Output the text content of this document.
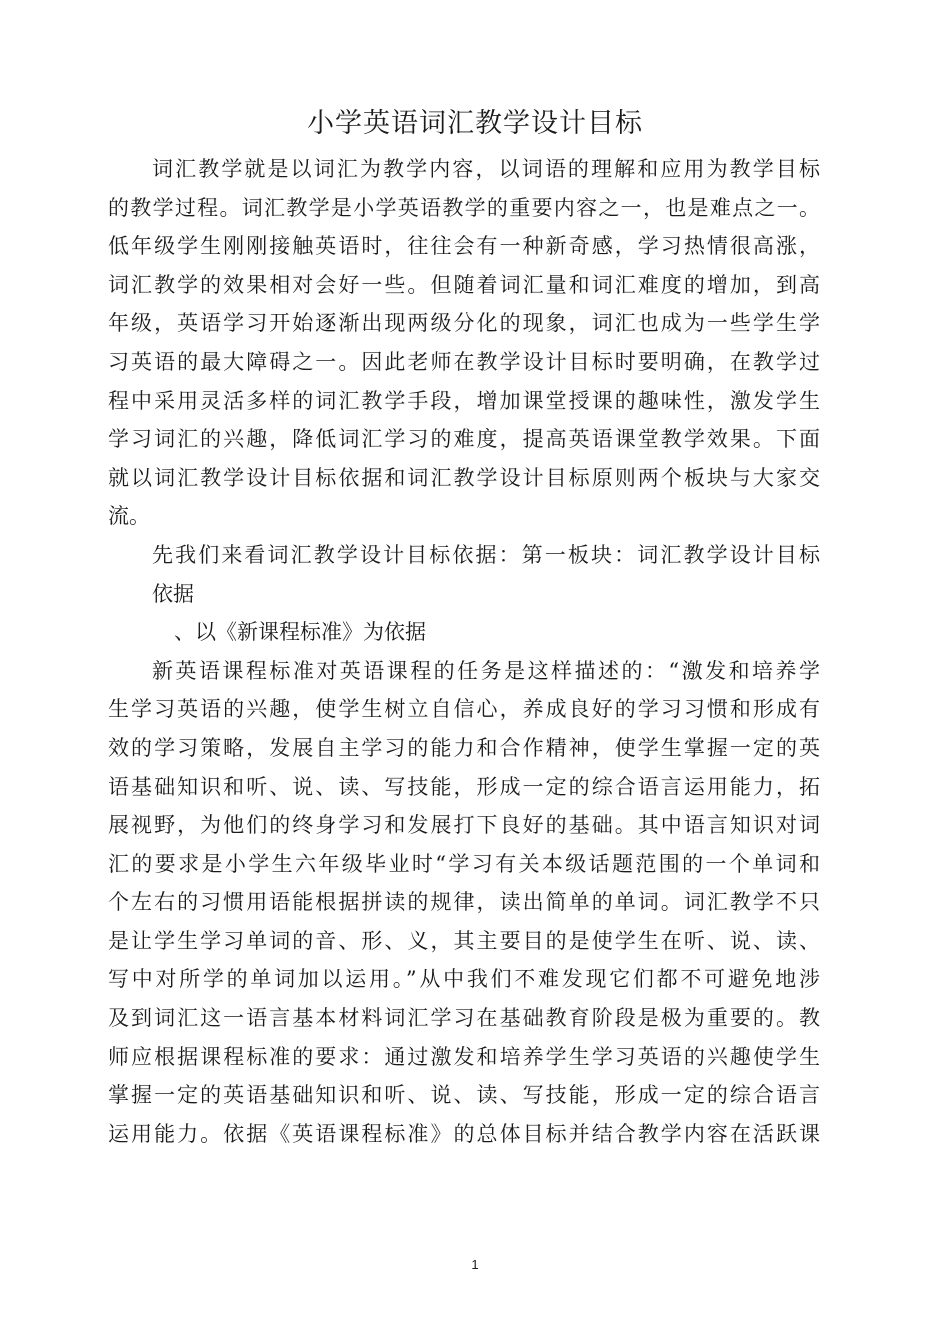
小学英语词汇教学设计目标
词汇教学就是以词汇为教学内容，以词语的理解和应用为教学目标
的教学过程。词汇教学是小学英语教学的重要内容之一，也是难点之一。
低年级学生刚刚接触英语时，往往会有一种新奇感，学习热情很高涨，
词汇教学的效果相对会好一些。但随着词汇量和词汇难度的增加，到高
年级，英语学习开始逐渐出现两级分化的现象，词汇也成为一些学生学
习英语的最大障碍之一。因此老师在教学设计目标时要明确，在教学过
程中采用灵活多样的词汇教学手段，增加课堂授课的趣味性，激发学生
学习词汇的兴趣，降低词汇学习的难度，提高英语课堂教学效果。下面
就以词汇教学设计目标依据和词汇教学设计目标原则两个板块与大家交
流。
先我们来看词汇教学设计目标依据：第一板块：词汇教学设计目标
依据
、以《新课程标准》为依据
新英语课程标准对英语课程的任务是这样描述的：“激发和培养学
生学习英语的兴趣，使学生树立自信心，养成良好的学习习惯和形成有
效的学习策略，发展自主学习的能力和合作精神，使学生掌握一定的英
语基础知识和听、说、读、写技能，形成一定的综合语言运用能力，拓
展视野，为他们的终身学习和发展打下良好的基础。其中语言知识对词
汇的要求是小学生六年级毕业时“学习有关本级话题范围的一个单词和
个左右的习惯用语能根据拼读的规律，读出简单的单词。词汇教学不只
是让学生学习单词的音、形、义，其主要目的是使学生在听、说、读、
写中对所学的单词加以运用。”从中我们不难发现它们都不可避免地涉
及到词汇这一语言基本材料词汇学习在基础教育阶段是极为重要的。教
师应根据课程标准的要求：通过激发和培养学生学习英语的兴趣使学生
掌握一定的英语基础知识和听、说、读、写技能，形成一定的综合语言
运用能力。依据《英语课程标准》的总体目标并结合教学内容在活跃课
1
